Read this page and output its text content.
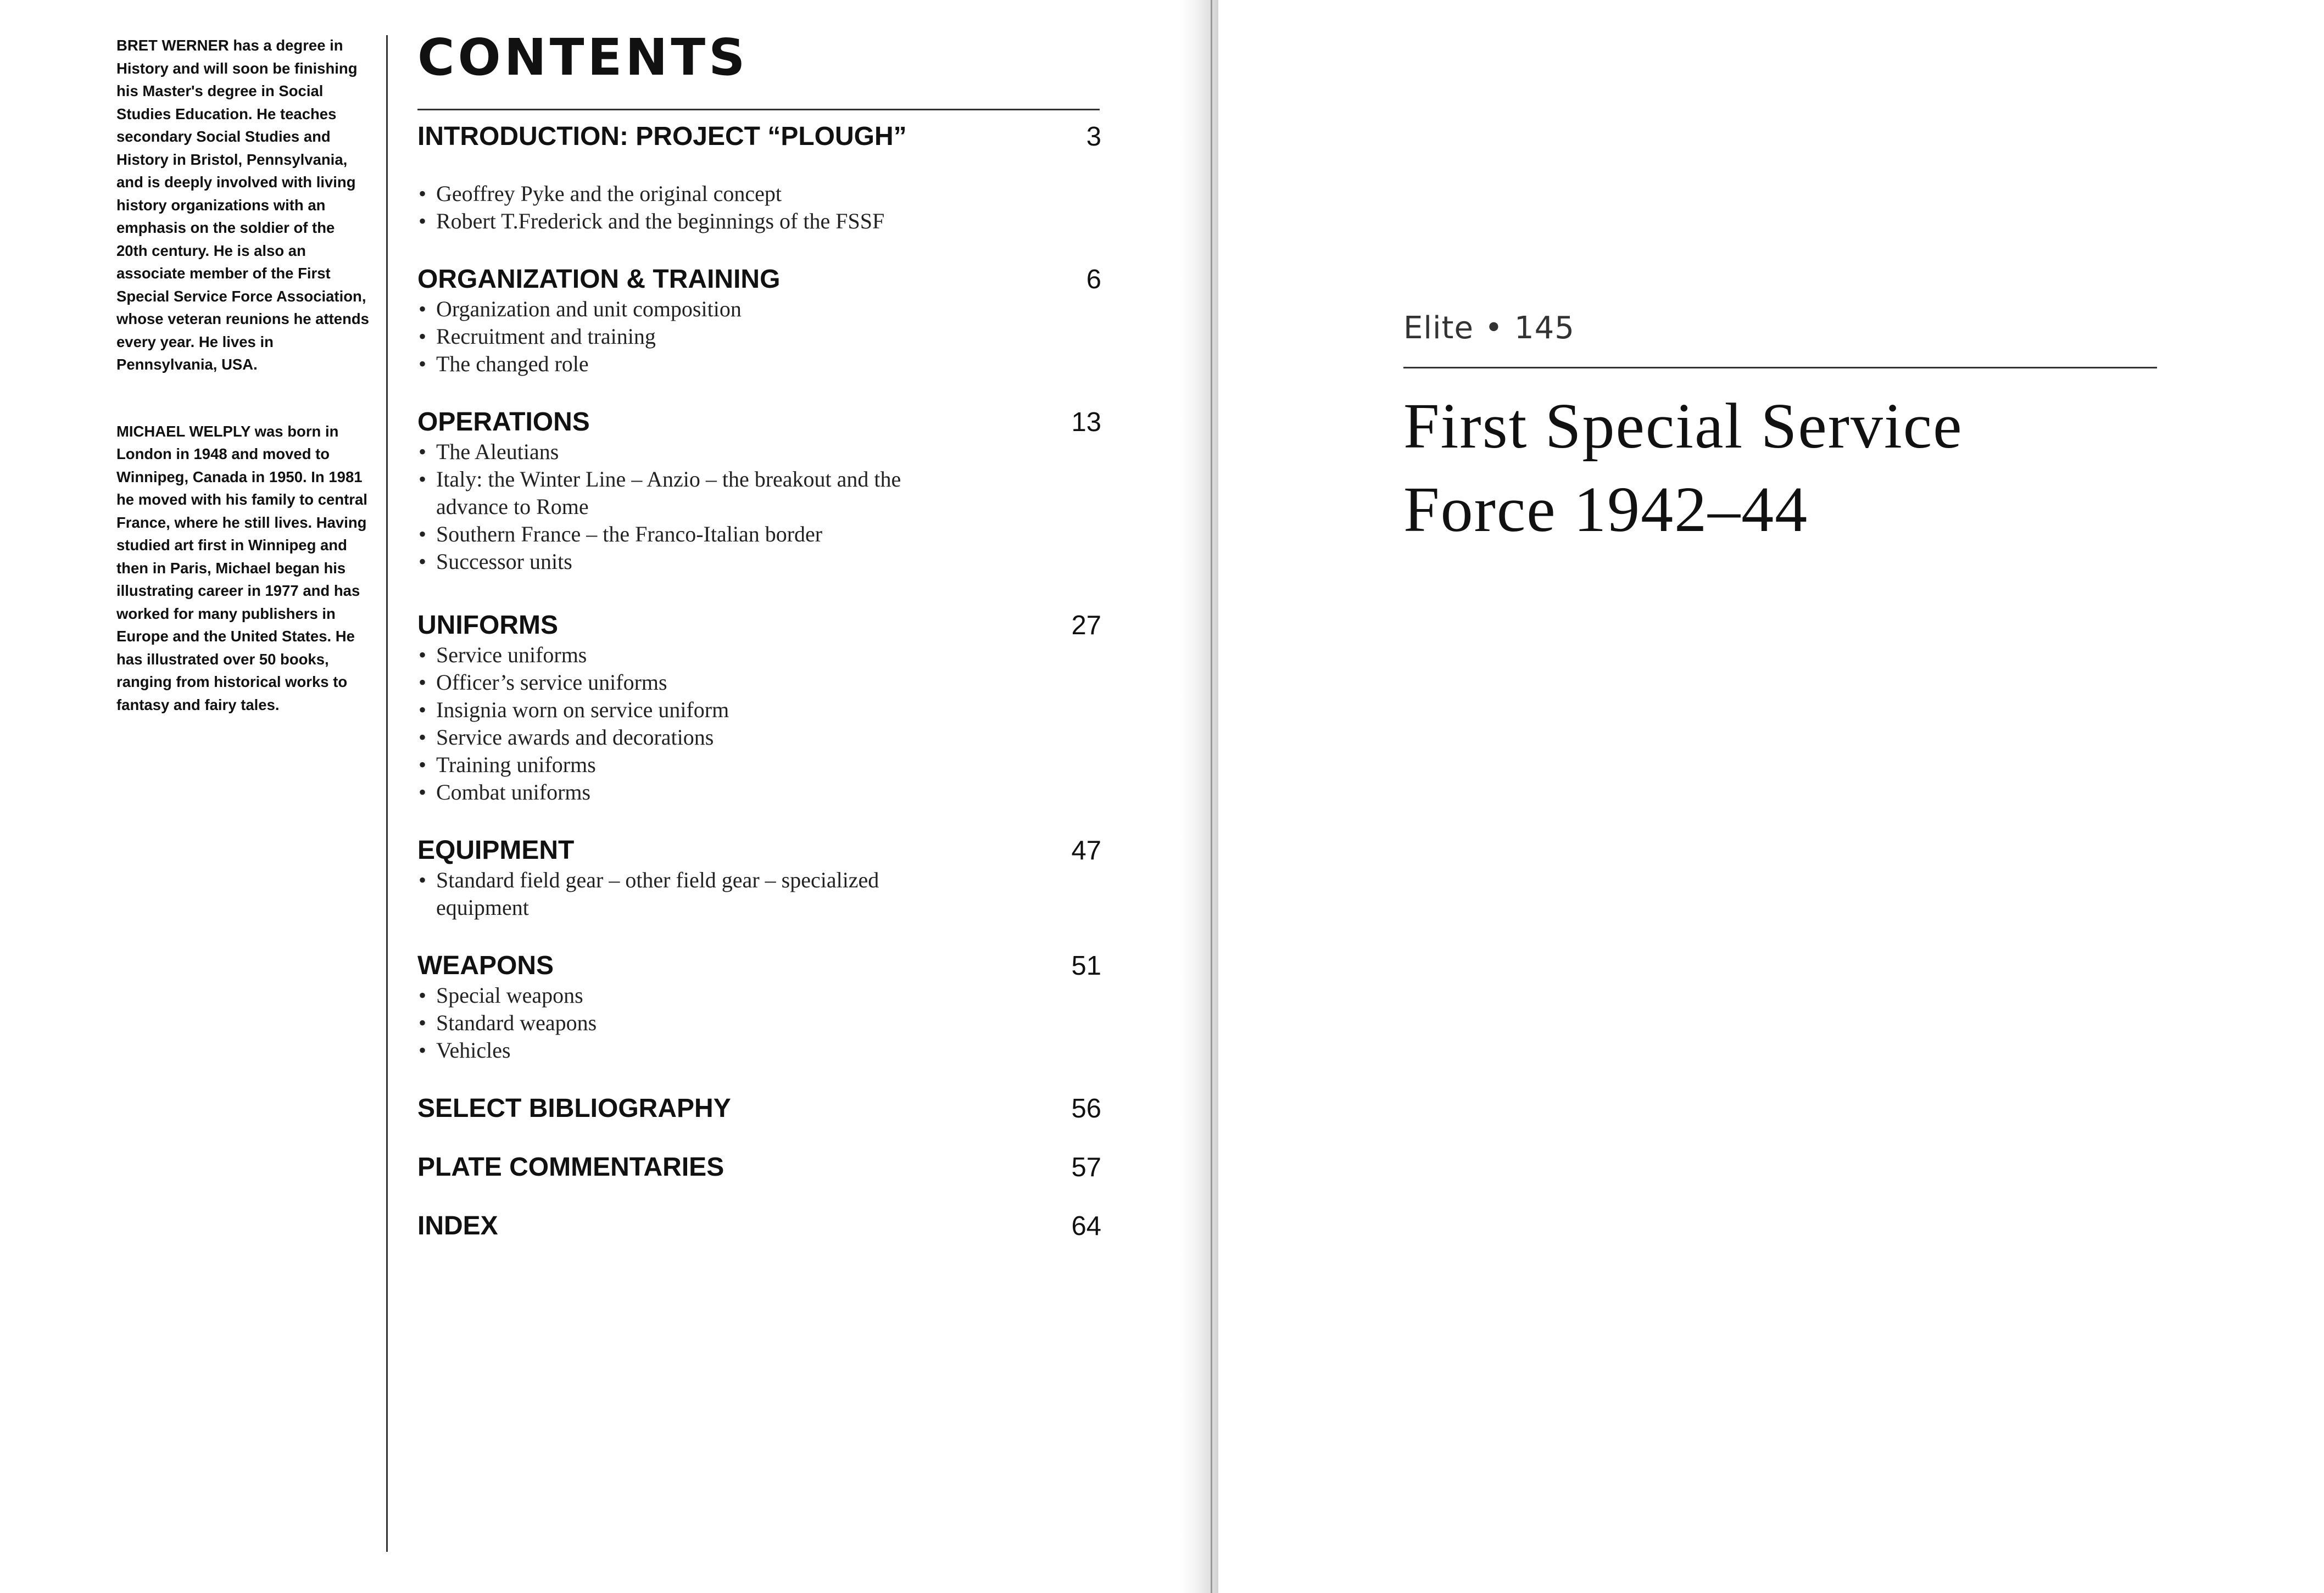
BRET WERNER has a degree in History and will soon be finishing his Master's degree in Social Studies Education. He teaches secondary Social Studies and History in Bristol, Pennsylvania, and is deeply involved with living history organizations with an emphasis on the soldier of the 20th century. He is also an associate member of the First Special Service Force Association, whose veteran reunions he attends every year. He lives in Pennsylvania, USA.

MICHAEL WELPLY was born in London in 1948 and moved to Winnipeg, Canada in 1950. In 1981 he moved with his family to central France, where he still lives. Having studied art first in Winnipeg and then in Paris, Michael began his illustrating career in 1977 and has worked for many publishers in Europe and the United States. He has illustrated over 50 books, ranging from historical works to fantasy and fairy tales.

CONTENTS
INTRODUCTION: PROJECT “PLOUGH”	3
• Geoffrey Pyke and the original concept
• Robert T.Frederick and the beginnings of the FSSF
ORGANIZATION & TRAINING	6
• Organization and unit composition
• Recruitment and training
• The changed role
OPERATIONS	13
• The Aleutians
• Italy: the Winter Line – Anzio – the breakout and the advance to Rome
• Southern France – the Franco-Italian border
• Successor units
UNIFORMS	27
• Service uniforms
• Officer’s service uniforms
• Insignia worn on service uniform
• Service awards and decorations
• Training uniforms
• Combat uniforms
EQUIPMENT	47
• Standard field gear – other field gear – specialized equipment
WEAPONS	51
• Special weapons
• Standard weapons
• Vehicles
SELECT BIBLIOGRAPHY	56
PLATE COMMENTARIES	57
INDEX	64
Elite • 145
First Special Service
Force 1942–44
